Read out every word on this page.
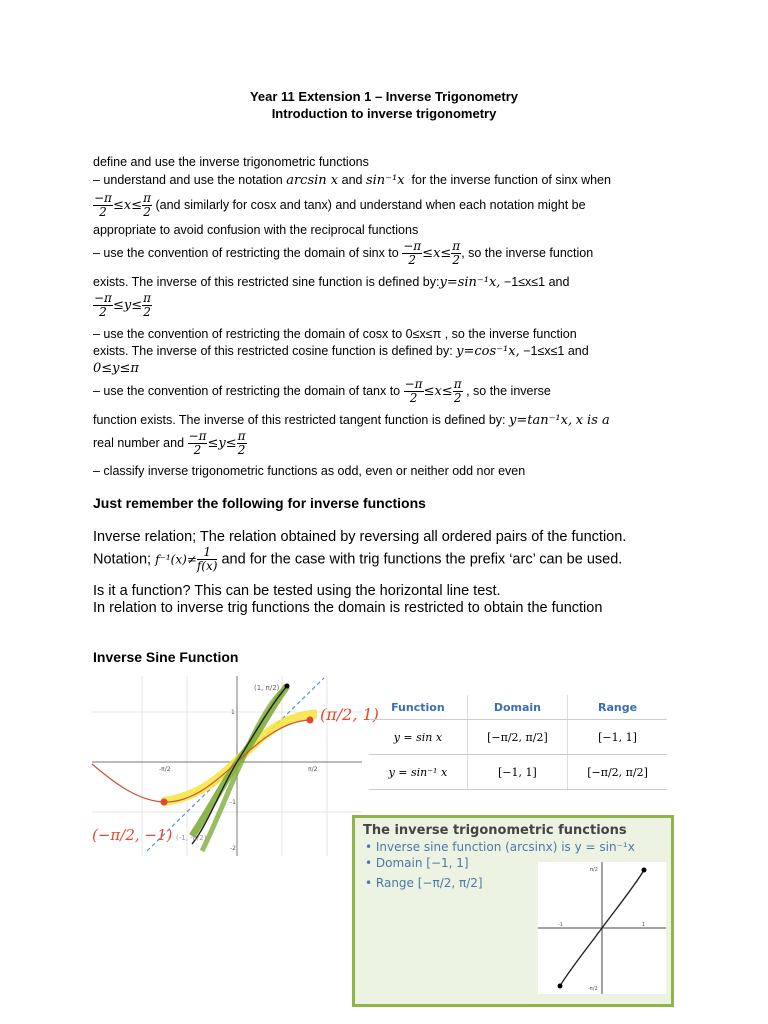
Year 11 Extension 1 – Inverse Trigonometry
Introduction to inverse trigonometry
define and use the inverse trigonometric functions
– understand and use the notation arcsin x and sin⁻¹x for the inverse function of sinx when
$\frac{-\pi}{2} \le x\le \frac{\pi}{2} (and$ similarly for cosx and tanx) and understand when each notation might be
appropriate to avoid confusion with the reciprocal functions
– use the convention of restricting the domain of sinx to $\frac{-\pi}{2} \le x\le \frac{\pi}{2}$ , so the inverse function
exists. The inverse of this restricted sine function is defined by:y=sin⁻¹x, −1≤x≤1 and
$\frac{-\pi}{2} \le y\le \frac{\pi}{2}$
– use the convention of restricting the domain of cosx to 0≤x≤π , so the inverse function
exists. The inverse of this restricted cosine function is defined by: y=cos⁻¹x, −1≤x≤1 and
0≤y≤π
– use the convention of restricting the domain of tanx to $\frac{-\pi}{2} \le x\le \frac{\pi}{2}$ , so the inverse
function exists. The inverse of this restricted tangent function is defined by: y=tan⁻¹x, x is a
real number and $\frac{-\pi}{2} \le y\le \frac{\pi}{2}$
– classify inverse trigonometric functions as odd, even or neither odd nor even
Just remember the following for inverse functions
Inverse relation; The relation obtained by reversing all ordered pairs of the function.
Notation; $f^{-1}(x)\ne \frac{1}{f(x)}$ and for the case with trig functions the prefix ‘arc’ can be used.
Is it a function? This can be tested using the horizontal line test.
In relation to inverse trig functions the domain is restricted to obtain the function
Inverse Sine Function
(1, π/2)
(-1, -π/2)
1
-1
-2
-π/2	π/2
(π/2, 1)
(−π/2, −1)
Function	Domain	Range
y = sin x	[−π/2, π/2]	[−1, 1]
y = sin⁻¹ x	[−1, 1]	[−π/2, π/2]
The inverse trigonometric functions
• Inverse sine function (arcsinx) is y = sin⁻¹x
• Domain [−1, 1]
• Range [−π/2, π/2]
π/2
-π/2
-1	1
